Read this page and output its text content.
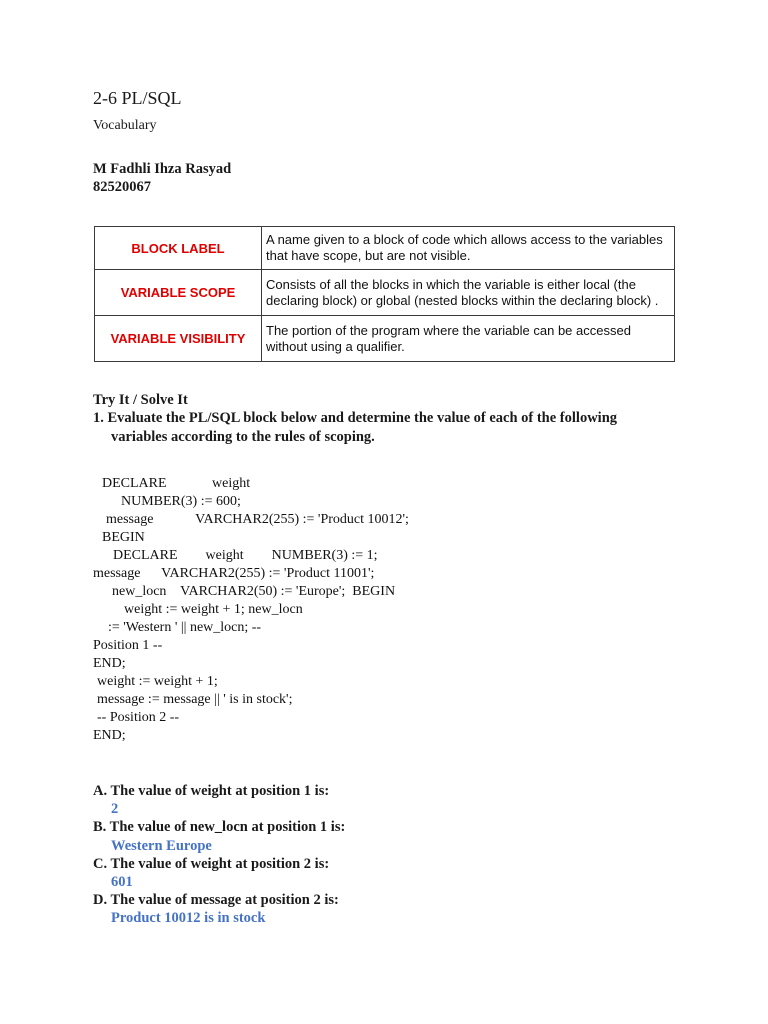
2-6 PL/SQL
Vocabulary
M Fadhli Ihza Rasyad
82520067
BLOCK LABEL	A name given to a block of code which allows access to the variables that have scope, but are not visible.
VARIABLE SCOPE	Consists of all the blocks in which the variable is either local (the declaring block) or global (nested blocks within the declaring block) .
VARIABLE VISIBILITY	The portion of the program where the variable can be accessed without using a qualifier.
Try It / Solve It
1. Evaluate the PL/SQL block below and determine the value of each of the following
variables according to the rules of scoping.
DECLARE             weight
NUMBER(3) := 600;
message            VARCHAR2(255) := 'Product 10012';
BEGIN
DECLARE        weight        NUMBER(3) := 1;
message      VARCHAR2(255) := 'Product 11001';
new_locn    VARCHAR2(50) := 'Europe';  BEGIN
weight := weight + 1; new_locn
:= 'Western ' || new_locn; --
Position 1 --
END;
weight := weight + 1;
message := message || ' is in stock';
-- Position 2 --
END;
A. The value of weight at position 1 is:
2
B. The value of new_locn at position 1 is:
Western Europe
C. The value of weight at position 2 is:
601
D. The value of message at position 2 is:
Product 10012 is in stock
